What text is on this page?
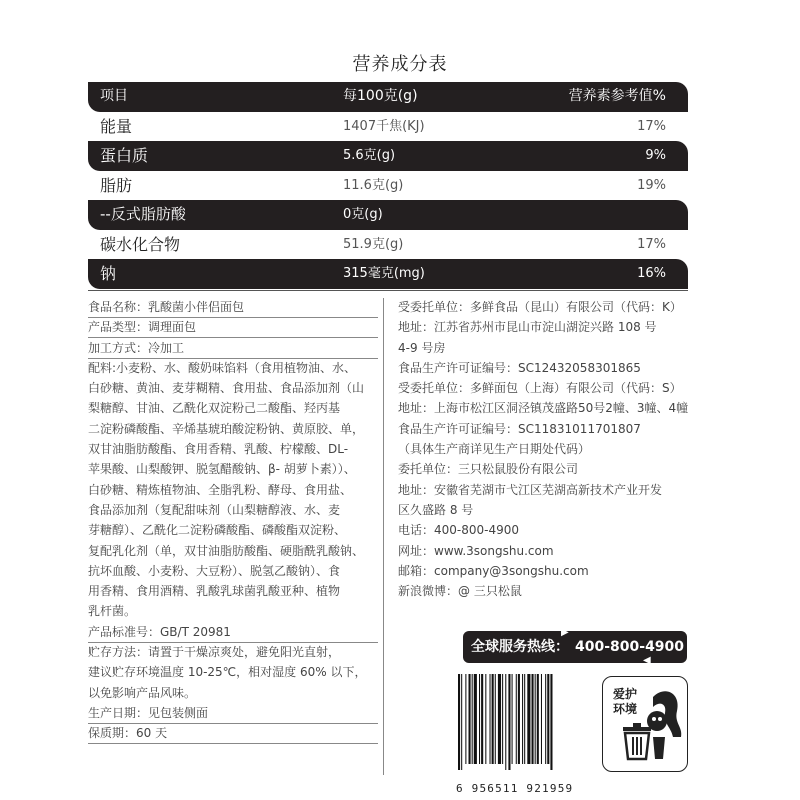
营养成分表
项目	每100克(g)	营养素参考值%
能量	1407千焦(KJ)	17%
蛋白质	5.6克(g)	9%
脂肪	11.6克(g)	19%
--反式脂肪酸	0克(g)
碳水化合物	51.9克(g)	17%
钠	315毫克(mg)	16%
食品名称：乳酸菌小伴侣面包
产品类型：调理面包
加工方式：冷加工
配料:小麦粉、水、酸奶味馅料（食用植物油、水、
白砂糖、黄油、麦芽糊精、食用盐、食品添加剂（山
梨糖醇、甘油、乙酰化双淀粉己二酸酯、羟丙基
二淀粉磷酸酯、辛烯基琥珀酸淀粉钠、黄原胶、单，
双甘油脂肪酸酯、食用香精、乳酸、柠檬酸、DL-
苹果酸、山梨酸钾、脱氢醋酸钠、β- 胡萝卜素））、
白砂糖、精炼植物油、全脂乳粉、酵母、食用盐、
食品添加剂（复配甜味剂（山梨糖醇液、水、麦
芽糖醇）、乙酰化二淀粉磷酸酯、磷酸酯双淀粉、
复配乳化剂（单，双甘油脂肪酸酯、硬脂酰乳酸钠、
抗坏血酸、小麦粉、大豆粉）、脱氢乙酸钠）、食
用香精、食用酒精、乳酸乳球菌乳酸亚种、植物
乳杆菌。
产品标准号：GB/T 20981
贮存方法：请置于干燥凉爽处，避免阳光直射，
建议贮存环境温度 10-25℃，相对湿度 60% 以下，
以免影响产品风味。
生产日期：见包装侧面
保质期：60 天
受委托单位：多鲜食品（昆山）有限公司（代码：K）
地址：江苏省苏州市昆山市淀山湖淀兴路 108 号
4-9 号房
食品生产许可证编号：SC12432058301865
受委托单位：多鲜面包（上海）有限公司（代码：S）
地址：上海市松江区洞泾镇茂盛路50号2幢、3幢、4幢
食品生产许可证编号：SC11831011701807
（具体生产商详见生产日期处代码）
委托单位：三只松鼠股份有限公司
地址：安徽省芜湖市弋江区芜湖高新技术产业开发
区久盛路 8 号
电话：400-800-4900
网址：www.3songshu.com
邮箱：company@3songshu.com
新浪微博：@ 三只松鼠
▶
全球服务热线： 400-800-4900
◀
6 956511 921959
爱护
环境
